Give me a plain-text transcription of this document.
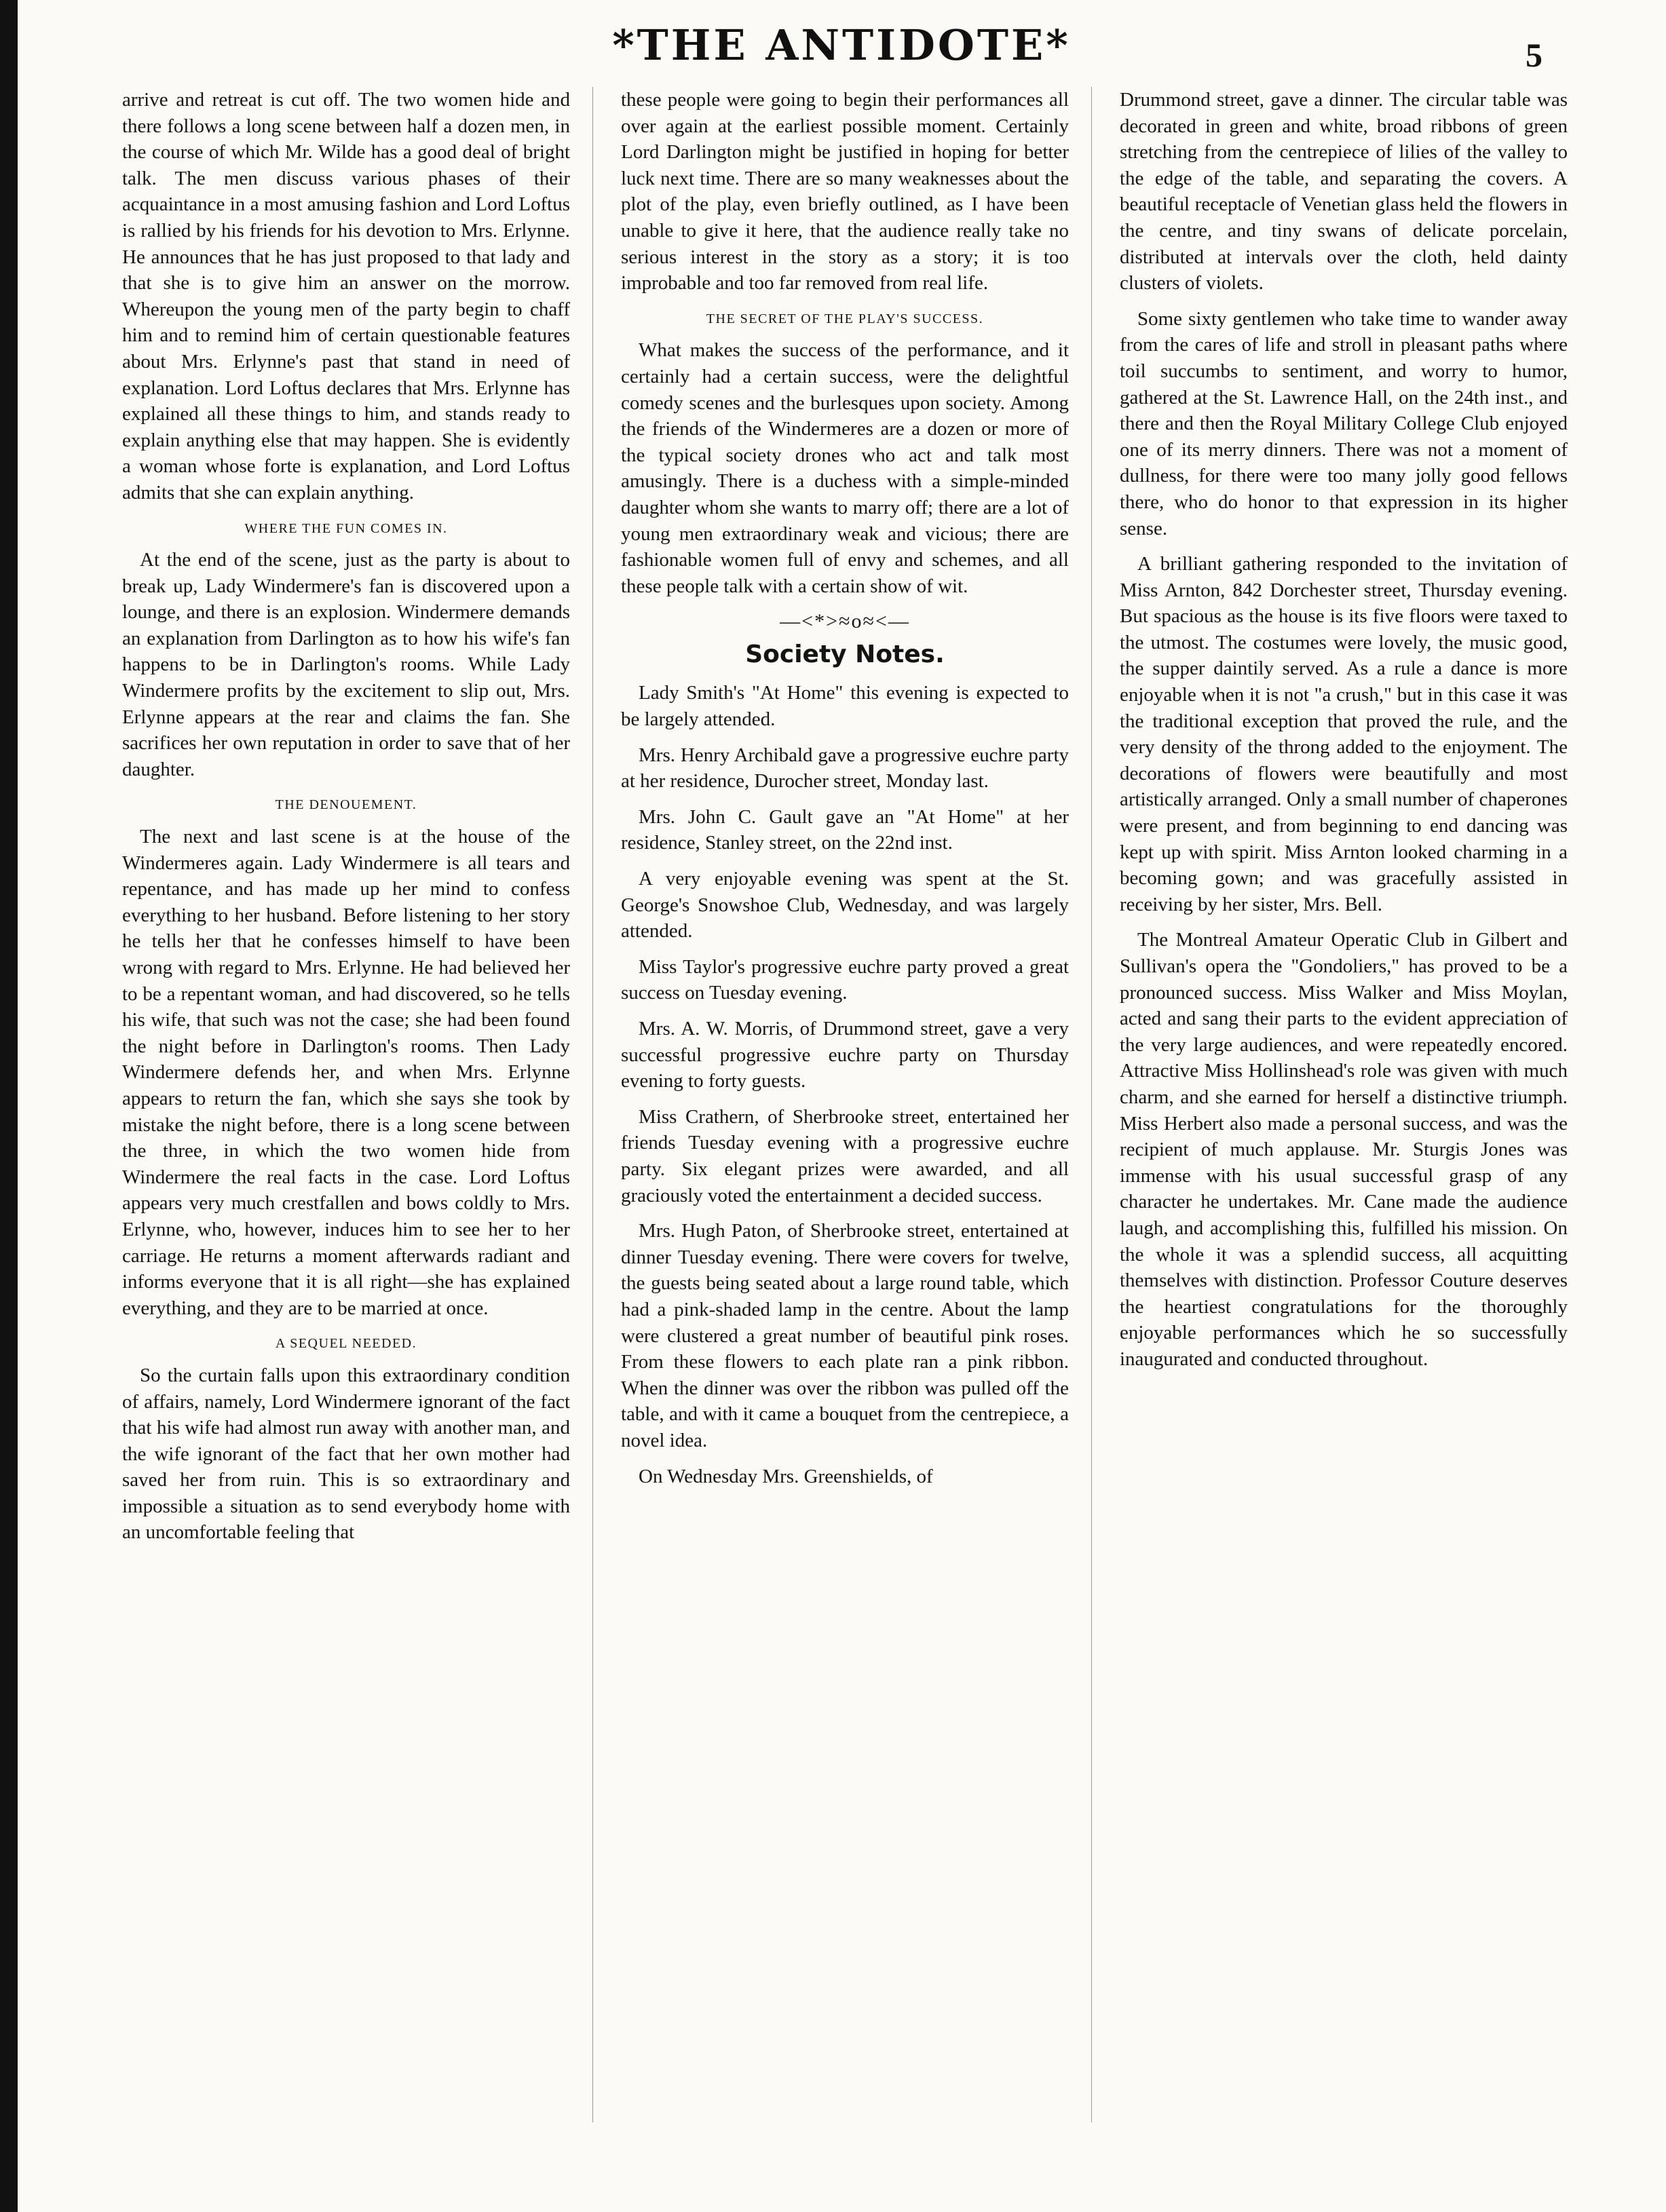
*THE ANTIDOTE*	5

arrive and retreat is cut off. The two women hide and there follows a long scene between half a dozen men, in the course of which Mr. Wilde has a good deal of bright talk. The men discuss various phases of their acquaintance in a most amusing fashion and Lord Loftus is rallied by his friends for his devotion to Mrs. Erlynne. He announces that he has just proposed to that lady and that she is to give him an answer on the morrow. Whereupon the young men of the party begin to chaff him and to remind him of certain questionable features about Mrs. Erlynne's past that stand in need of explanation. Lord Loftus declares that Mrs. Erlynne has explained all these things to him, and stands ready to explain anything else that may happen. She is evidently a woman whose forte is explanation, and Lord Loftus admits that she can explain anything.

WHERE THE FUN COMES IN.

At the end of the scene, just as the party is about to break up, Lady Windermere's fan is discovered upon a lounge, and there is an explosion. Windermere demands an explanation from Darlington as to how his wife's fan happens to be in Darlington's rooms. While Lady Windermere profits by the excitement to slip out, Mrs. Erlynne appears at the rear and claims the fan. She sacrifices her own reputation in order to save that of her daughter.

THE DENOUEMENT.

The next and last scene is at the house of the Windermeres again. Lady Windermere is all tears and repentance, and has made up her mind to confess everything to her husband. Before listening to her story he tells her that he confesses himself to have been wrong with regard to Mrs. Erlynne. He had believed her to be a repentant woman, and had discovered, so he tells his wife, that such was not the case; she had been found the night before in Darlington's rooms. Then Lady Windermere defends her, and when Mrs. Erlynne appears to return the fan, which she says she took by mistake the night before, there is a long scene between the three, in which the two women hide from Windermere the real facts in the case. Lord Loftus appears very much crestfallen and bows coldly to Mrs. Erlynne, who, however, induces him to see her to her carriage. He returns a moment afterwards radiant and informs everyone that it is all right—she has explained everything, and they are to be married at once.

A SEQUEL NEEDED.

So the curtain falls upon this extraordinary condition of affairs, namely, Lord Windermere ignorant of the fact that his wife had almost run away with another man, and the wife ignorant of the fact that her own mother had saved her from ruin. This is so extraordinary and impossible a situation as to send everybody home with an uncomfortable feeling that

these people were going to begin their performances all over again at the earliest possible moment. Certainly Lord Darlington might be justified in hoping for better luck next time. There are so many weaknesses about the plot of the play, even briefly outlined, as I have been unable to give it here, that the audience really take no serious interest in the story as a story; it is too improbable and too far removed from real life.

THE SECRET OF THE PLAY'S SUCCESS.

What makes the success of the performance, and it certainly had a certain success, were the delightful comedy scenes and the burlesques upon society. Among the friends of the Windermeres are a dozen or more of the typical society drones who act and talk most amusingly. There is a duchess with a simple-minded daughter whom she wants to marry off; there are a lot of young men extraordinary weak and vicious; there are fashionable women full of envy and schemes, and all these people talk with a certain show of wit.

—<*>≈o≈<—
Society Notes.

Lady Smith's "At Home" this evening is expected to be largely attended.

Mrs. Henry Archibald gave a progressive euchre party at her residence, Durocher street, Monday last.

Mrs. John C. Gault gave an "At Home" at her residence, Stanley street, on the 22nd inst.

A very enjoyable evening was spent at the St. George's Snowshoe Club, Wednesday, and was largely attended.

Miss Taylor's progressive euchre party proved a great success on Tuesday evening.

Mrs. A. W. Morris, of Drummond street, gave a very successful progressive euchre party on Thursday evening to forty guests.

Miss Crathern, of Sherbrooke street, entertained her friends Tuesday evening with a progressive euchre party. Six elegant prizes were awarded, and all graciously voted the entertainment a decided success.

Mrs. Hugh Paton, of Sherbrooke street, entertained at dinner Tuesday evening. There were covers for twelve, the guests being seated about a large round table, which had a pink-shaded lamp in the centre. About the lamp were clustered a great number of beautiful pink roses. From these flowers to each plate ran a pink ribbon. When the dinner was over the ribbon was pulled off the table, and with it came a bouquet from the centrepiece, a novel idea.

On Wednesday Mrs. Greenshields, of

Drummond street, gave a dinner. The circular table was decorated in green and white, broad ribbons of green stretching from the centrepiece of lilies of the valley to the edge of the table, and separating the covers. A beautiful receptacle of Venetian glass held the flowers in the centre, and tiny swans of delicate porcelain, distributed at intervals over the cloth, held dainty clusters of violets.

Some sixty gentlemen who take time to wander away from the cares of life and stroll in pleasant paths where toil succumbs to sentiment, and worry to humor, gathered at the St. Lawrence Hall, on the 24th inst., and there and then the Royal Military College Club enjoyed one of its merry dinners. There was not a moment of dullness, for there were too many jolly good fellows there, who do honor to that expression in its higher sense.

A brilliant gathering responded to the invitation of Miss Arnton, 842 Dorchester street, Thursday evening. But spacious as the house is its five floors were taxed to the utmost. The costumes were lovely, the music good, the supper daintily served. As a rule a dance is more enjoyable when it is not "a crush," but in this case it was the traditional exception that proved the rule, and the very density of the throng added to the enjoyment. The decorations of flowers were beautifully and most artistically arranged. Only a small number of chaperones were present, and from beginning to end dancing was kept up with spirit. Miss Arnton looked charming in a becoming gown; and was gracefully assisted in receiving by her sister, Mrs. Bell.

The Montreal Amateur Operatic Club in Gilbert and Sullivan's opera the "Gondoliers," has proved to be a pronounced success. Miss Walker and Miss Moylan, acted and sang their parts to the evident appreciation of the very large audiences, and were repeatedly encored. Attractive Miss Hollinshead's role was given with much charm, and she earned for herself a distinctive triumph. Miss Herbert also made a personal success, and was the recipient of much applause. Mr. Sturgis Jones was immense with his usual successful grasp of any character he undertakes. Mr. Cane made the audience laugh, and accomplishing this, fulfilled his mission. On the whole it was a splendid success, all acquitting themselves with distinction. Professor Couture deserves the heartiest congratulations for the thoroughly enjoyable performances which he so successfully inaugurated and conducted throughout.
